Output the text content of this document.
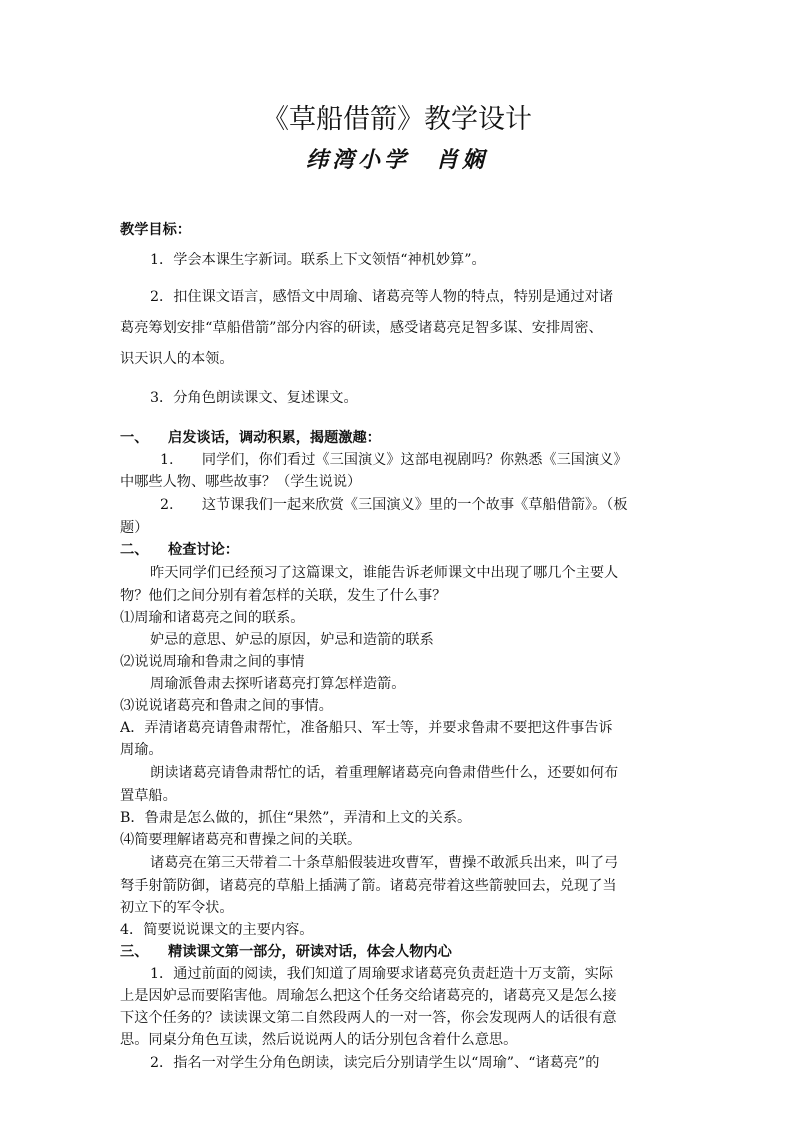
《草船借箭》教学设计
纬湾小学　肖娴
教学目标：
1．学会本课生字新词。联系上下文领悟“神机妙算”。
2．扣住课文语言，感悟文中周瑜、诸葛亮等人物的特点，特别是通过对诸
葛亮筹划安排“草船借箭”部分内容的研读，感受诸葛亮足智多谋、安排周密、
识天识人的本领。
3．分角色朗读课文、复述课文。
一、 启发谈话，调动积累，揭题激趣：
1.　　同学们，你们看过《三国演义》这部电视剧吗？你熟悉《三国演义》
中哪些人物、哪些故事？（学生说说）
2.　　这节课我们一起来欣赏《三国演义》里的一个故事《草船借箭》。（板
题）
二、 检查讨论：
昨天同学们已经预习了这篇课文，谁能告诉老师课文中出现了哪几个主要人
物？他们之间分别有着怎样的关联，发生了什么事？
⑴周瑜和诸葛亮之间的联系。
妒忌的意思、妒忌的原因，妒忌和造箭的联系
⑵说说周瑜和鲁肃之间的事情
周瑜派鲁肃去探听诸葛亮打算怎样造箭。
⑶说说诸葛亮和鲁肃之间的事情。
A．弄清诸葛亮请鲁肃帮忙，准备船只、军士等，并要求鲁肃不要把这件事告诉
周瑜。
朗读诸葛亮请鲁肃帮忙的话，着重理解诸葛亮向鲁肃借些什么，还要如何布
置草船。
B．鲁肃是怎么做的，抓住“果然”，弄清和上文的关系。
⑷简要理解诸葛亮和曹操之间的关联。
诸葛亮在第三天带着二十条草船假装进攻曹军，曹操不敢派兵出来，叫了弓
弩手射箭防御，诸葛亮的草船上插满了箭。诸葛亮带着这些箭驶回去，兑现了当
初立下的军令状。
4．简要说说课文的主要内容。
三、 精读课文第一部分，研读对话，体会人物内心
1．通过前面的阅读，我们知道了周瑜要求诸葛亮负责赶造十万支箭，实际
上是因妒忌而要陷害他。周瑜怎么把这个任务交给诸葛亮的，诸葛亮又是怎么接
下这个任务的？读读课文第二自然段两人的一对一答，你会发现两人的话很有意
思。同桌分角色互读，然后说说两人的话分别包含着什么意思。
2．指名一对学生分角色朗读，读完后分别请学生以“周瑜”、“诸葛亮”的
